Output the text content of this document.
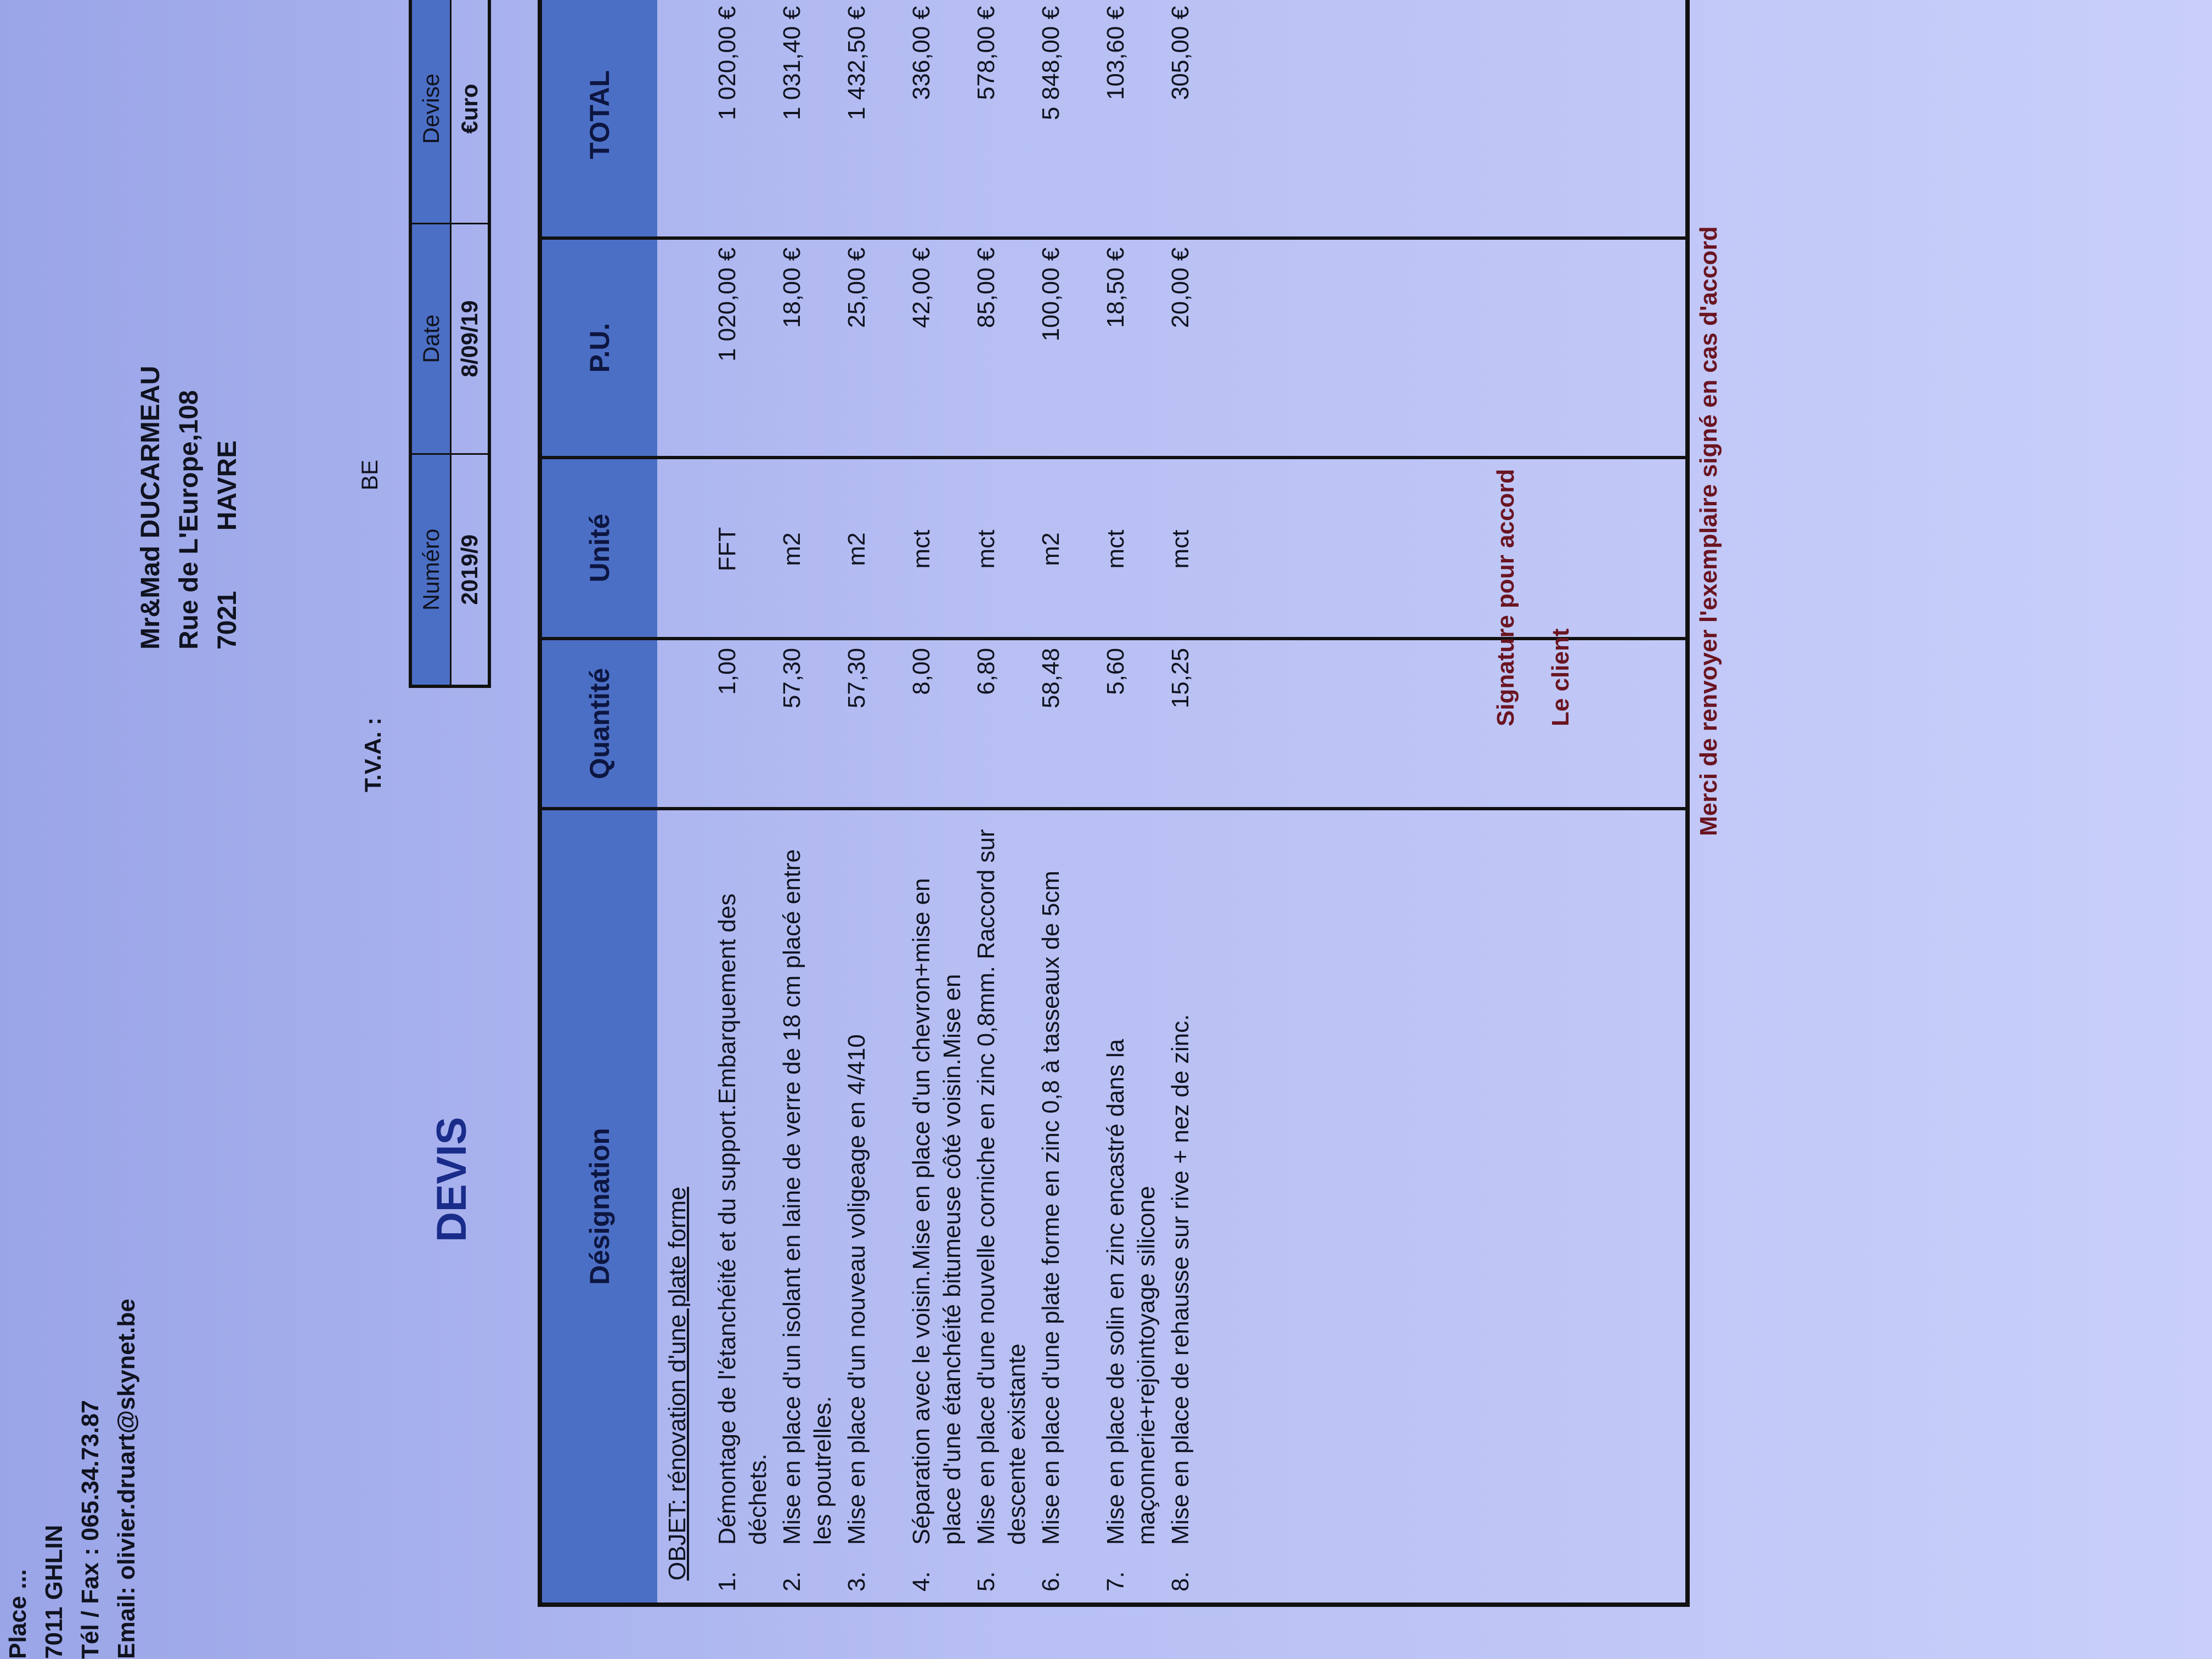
Place ... 7011 GHLIN Tél / Fax : 065.34.73.87 Email: olivier.druart@skynet.be
Mr&Mad DUCARMEAU Rue de L'Europe,108 7021
HAVRE
DEVIS
T.V.A. :
BE
Numéro
Date
Devise
2019/9
8/09/19
€uro
Désignation
Quantité
Unité
P.U.
TOTAL
OBJET: rénovation d'une plate forme
1.
Démontage de l'étanchéité et du support.Embarquement des déchets.
1,00
FFT
1 020,00 €
1 020,00 €
2.
Mise en place d'un isolant en laine de verre de 18 cm placé entre les poutrelles.
57,30
m2
18,00 €
1 031,40 €
3.
Mise en place d'un nouveau voligeage en 4/410
57,30
m2
25,00 €
1 432,50 €
4.
Séparation avec le voisin.Mise en place d'un chevron+mise en place d'une étanchéité bitumeuse côté voisin.Mise en
8,00
mct
42,00 €
336,00 €
5.
Mise en place d'une nouvelle corniche en zinc 0,8mm. Raccord sur descente existante
6,80
mct
85,00 €
578,00 €
6.
Mise en place d'une plate forme en zinc 0,8 à tasseaux de 5cm
58,48
m2
100,00 €
5 848,00 €
7.
Mise en place de solin en zinc encastré dans la maçonnerie+rejointoyage silicone
5,60
mct
18,50 €
103,60 €
8.
Mise en place de rehausse sur rive + nez de zinc.
15,25
mct
20,00 €
305,00 €
Signature pour accord Le client	Merci de renvoyer l'exemplaire signé en cas d'accord
